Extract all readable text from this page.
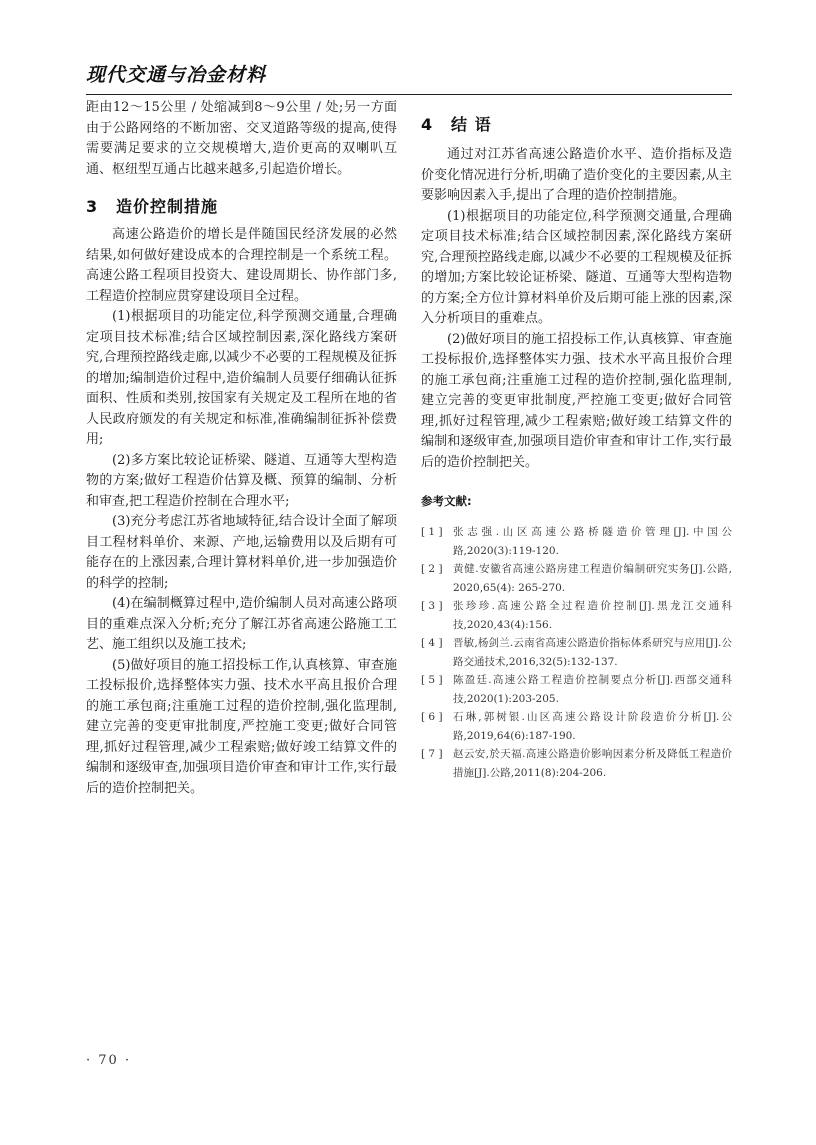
现代交通与冶金材料

距由12～15公里 / 处缩减到8～9公里 / 处;另一方面由于公路网络的不断加密、交叉道路等级的提高,使得需要满足要求的立交规模增大,造价更高的双喇叭互通、枢纽型互通占比越来越多,引起造价增长。

3 造价控制措施

高速公路造价的增长是伴随国民经济发展的必然结果,如何做好建设成本的合理控制是一个系统工程。高速公路工程项目投资大、建设周期长、协作部门多,工程造价控制应贯穿建设项目全过程。

(1)根据项目的功能定位,科学预测交通量,合理确定项目技术标准;结合区域控制因素,深化路线方案研究,合理预控路线走廊,以减少不必要的工程规模及征拆的增加;编制造价过程中,造价编制人员要仔细确认征拆面积、性质和类别,按国家有关规定及工程所在地的省人民政府颁发的有关规定和标准,准确编制征拆补偿费用;

(2)多方案比较论证桥梁、隧道、互通等大型构造物的方案;做好工程造价估算及概、预算的编制、分析和审查,把工程造价控制在合理水平;

(3)充分考虑江苏省地域特征,结合设计全面了解项目工程材料单价、来源、产地,运输费用以及后期有可能存在的上涨因素,合理计算材料单价,进一步加强造价的科学的控制;

(4)在编制概算过程中,造价编制人员对高速公路项目的重难点深入分析;充分了解江苏省高速公路施工工艺、施工组织以及施工技术;

(5)做好项目的施工招投标工作,认真核算、审查施工投标报价,选择整体实力强、技术水平高且报价合理的施工承包商;注重施工过程的造价控制,强化监理制,建立完善的变更审批制度,严控施工变更;做好合同管理,抓好过程管理,减少工程索赔;做好竣工结算文件的编制和逐级审查,加强项目造价审查和审计工作,实行最后的造价控制把关。

4 结 语

通过对江苏省高速公路造价水平、造价指标及造价变化情况进行分析,明确了造价变化的主要因素,从主要影响因素入手,提出了合理的造价控制措施。

(1)根据项目的功能定位,科学预测交通量,合理确定项目技术标准;结合区域控制因素,深化路线方案研究,合理预控路线走廊,以减少不必要的工程规模及征拆的增加;方案比较论证桥梁、隧道、互通等大型构造物的方案;全方位计算材料单价及后期可能上涨的因素,深入分析项目的重难点。

(2)做好项目的施工招投标工作,认真核算、审查施工投标报价,选择整体实力强、技术水平高且报价合理的施工承包商;注重施工过程的造价控制,强化监理制,建立完善的变更审批制度,严控施工变更;做好合同管理,抓好过程管理,减少工程索赔;做好竣工结算文件的编制和逐级审查,加强项目造价审查和审计工作,实行最后的造价控制把关。

参考文献:
[ 1 ] 张志强.山区高速公路桥隧造价管理[J].中国公路,2020(3):119-120.
[ 2 ] 黄健.安徽省高速公路房建工程造价编制研究实务[J].公路, 2020,65(4): 265-270.
[ 3 ] 张珍珍.高速公路全过程造价控制[J].黑龙江交通科技,2020,43(4):156.
[ 4 ] 晋敏,杨剑兰.云南省高速公路造价指标体系研究与应用[J].公路交通技术,2016,32(5):132-137.
[ 5 ] 陈盈廷.高速公路工程造价控制要点分析[J].西部交通科技,2020(1):203-205.
[ 6 ] 石琳,郭树银.山区高速公路设计阶段造价分析[J].公路,2019,64(6):187-190.
[ 7 ] 赵云安,於天福.高速公路造价影响因素分析及降低工程造价措施[J].公路,2011(8):204-206.
· 70 ·
